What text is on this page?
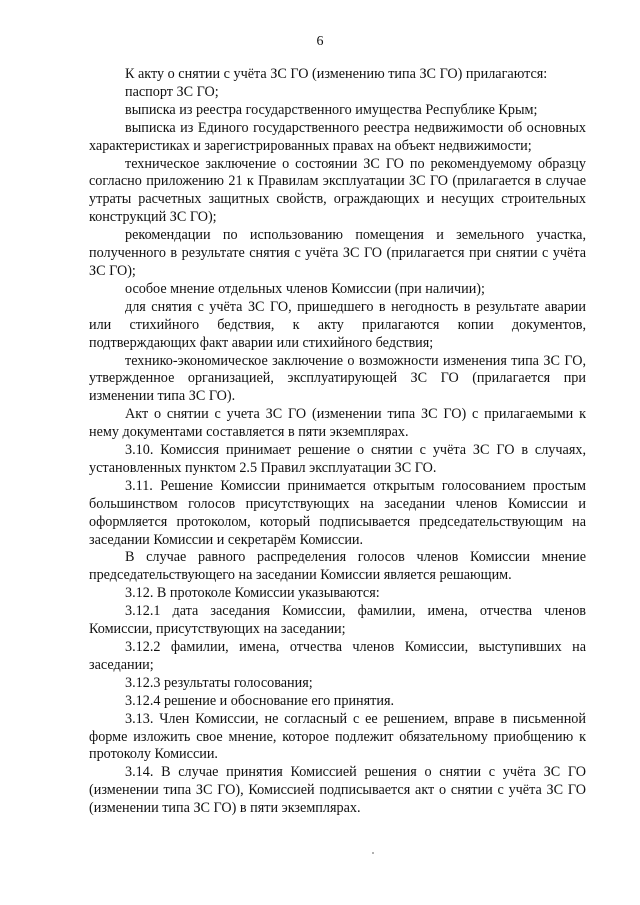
6

К акту о снятии с учёта ЗС ГО (изменению типа ЗС ГО) прилагаются:

паспорт ЗС ГО;

выписка из реестра государственного имущества Республике Крым;

выписка из Единого государственного реестра недвижимости об основных характеристиках и зарегистрированных правах на объект недвижимости;

техническое заключение о состоянии ЗС ГО по рекомендуемому образцу согласно приложению 21 к Правилам эксплуатации ЗС ГО (прилагается в случае утраты расчетных защитных свойств, ограждающих и несущих строительных конструкций ЗС ГО);

рекомендации по использованию помещения и земельного участка, полученного в результате снятия с учёта ЗС ГО (прилагается при снятии с учёта ЗС ГО);

особое мнение отдельных членов Комиссии (при наличии);

для снятия с учёта ЗС ГО, пришедшего в негодность в результате аварии или стихийного бедствия, к акту прилагаются копии документов, подтверждающих факт аварии или стихийного бедствия;

технико-экономическое заключение о возможности изменения типа ЗС ГО, утвержденное организацией, эксплуатирующей ЗС ГО (прилагается при изменении типа ЗС ГО).

Акт о снятии с учета ЗС ГО (изменении типа ЗС ГО) с прилагаемыми к нему документами составляется в пяти экземплярах.

3.10. Комиссия принимает решение о снятии с учёта ЗС ГО в случаях, установленных пунктом 2.5 Правил эксплуатации ЗС ГО.

3.11. Решение Комиссии принимается открытым голосованием простым большинством голосов присутствующих на заседании членов Комиссии и оформляется протоколом, который подписывается председательствующим на заседании Комиссии и секретарём Комиссии.

В случае равного распределения голосов членов Комиссии мнение председательствующего на заседании Комиссии является решающим.

3.12. В протоколе Комиссии указываются:

3.12.1 дата заседания Комиссии, фамилии, имена, отчества членов Комиссии, присутствующих на заседании;

3.12.2 фамилии, имена, отчества членов Комиссии, выступивших на заседании;

3.12.3 результаты голосования;

3.12.4 решение и обоснование его принятия.

3.13. Член Комиссии, не согласный с ее решением, вправе в письменной форме изложить свое мнение, которое подлежит обязательному приобщению к протоколу Комиссии.

3.14. В случае принятия Комиссией решения о снятии с учёта ЗС ГО (изменении типа ЗС ГО), Комиссией подписывается акт о снятии с учёта ЗС ГО (изменении типа ЗС ГО) в пяти экземплярах.
